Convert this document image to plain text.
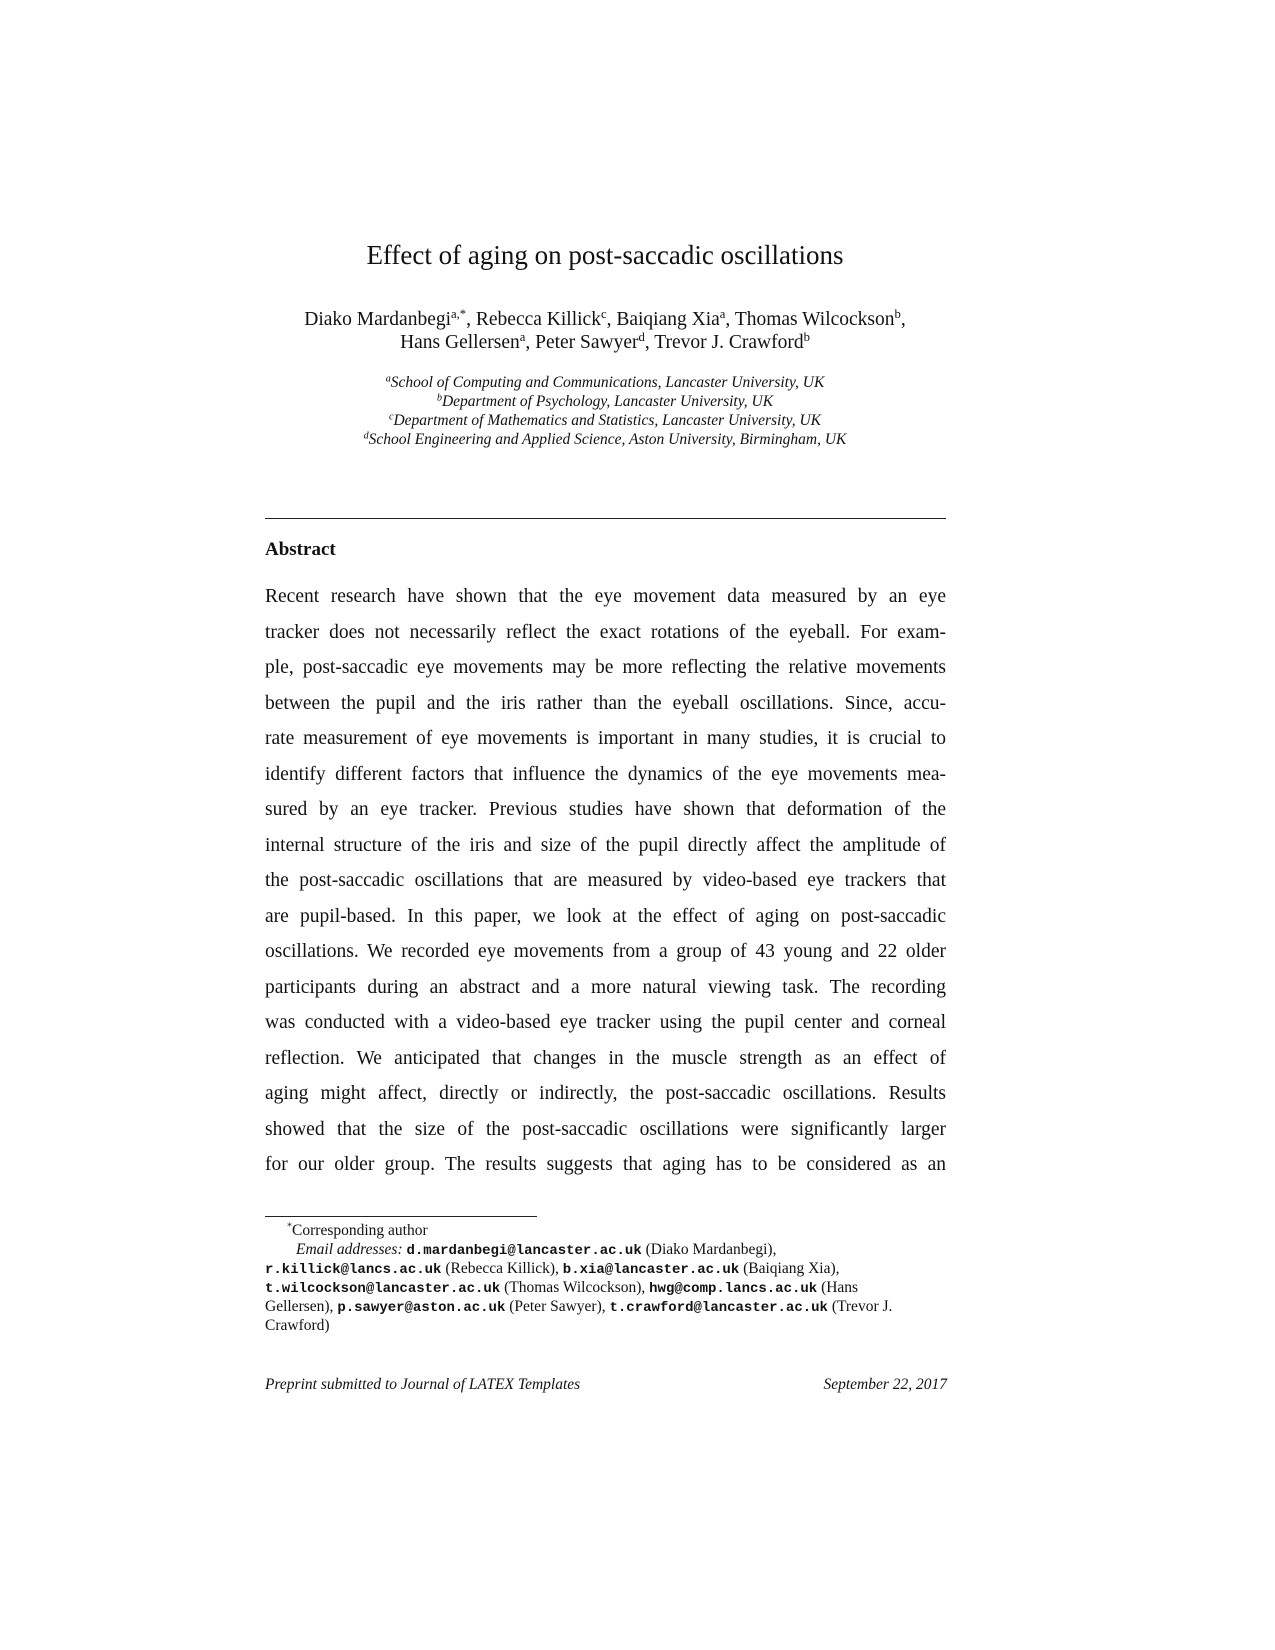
Effect of aging on post-saccadic oscillations
Diako Mardanbegi$^{a,*}$, Rebecca Killick$^c$, Baiqiang Xia$^a$, Thomas Wilcockson$^b$,
Hans Gellersen$^a$, Peter Sawyer$^d$, Trevor J. Crawford$^b$
$^a$School of Computing and Communications, Lancaster University, UK
$^b$Department of Psychology, Lancaster University, UK
$^c$Department of Mathematics and Statistics, Lancaster University, UK
$^d$School Engineering and Applied Science, Aston University, Birmingham, UK
Abstract
Recent research have shown that the eye movement data measured by an eye
tracker does not necessarily reflect the exact rotations of the eyeball. For exam-
ple, post-saccadic eye movements may be more reflecting the relative movements
between the pupil and the iris rather than the eyeball oscillations. Since, accu-
rate measurement of eye movements is important in many studies, it is crucial to
identify different factors that influence the dynamics of the eye movements mea-
sured by an eye tracker. Previous studies have shown that deformation of the
internal structure of the iris and size of the pupil directly affect the amplitude of
the post-saccadic oscillations that are measured by video-based eye trackers that
are pupil-based. In this paper, we look at the effect of aging on post-saccadic
oscillations. We recorded eye movements from a group of 43 young and 22 older
participants during an abstract and a more natural viewing task. The recording
was conducted with a video-based eye tracker using the pupil center and corneal
reflection. We anticipated that changes in the muscle strength as an effect of
aging might affect, directly or indirectly, the post-saccadic oscillations. Results
showed that the size of the post-saccadic oscillations were significantly larger
for our older group. The results suggests that aging has to be considered as an
*Corresponding author
Email addresses: d.mardanbegi@lancaster.ac.uk (Diako Mardanbegi),
r.killick@lancs.ac.uk (Rebecca Killick), b.xia@lancaster.ac.uk (Baiqiang Xia),
t.wilcockson@lancaster.ac.uk (Thomas Wilcockson), hwg@comp.lancs.ac.uk (Hans
Gellersen), p.sawyer@aston.ac.uk (Peter Sawyer), t.crawford@lancaster.ac.uk (Trevor J.
Crawford)
Preprint submitted to Journal of LATEX Templates	September 22, 2017
